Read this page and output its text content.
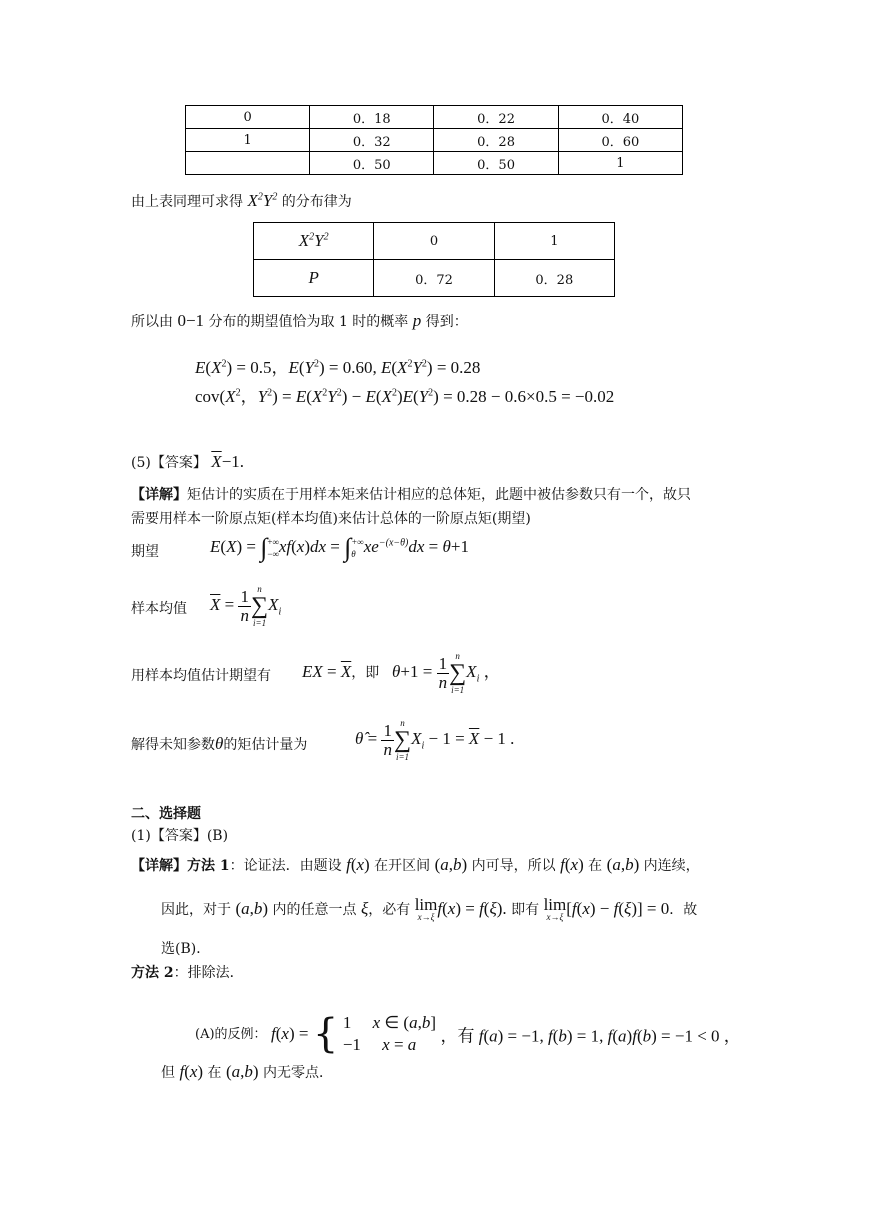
0	0．18	0．22	0．40
1	0．32	0．28	0．60
	0．50	0．50	1
由上表同理可求得 $X^2Y^2$ 的分布律为
$X^2Y^2$	0	1
P	0．72	0．28
所以由 0−1 分布的期望值恰为取 1 时的概率 p 得到：
$E(X^2) = 0.5$，$E(Y^2) = 0.60$, $E(X^2Y^2) = 0.28$
$cov(X^2$，$Y^2) = E(X^2Y^2) - E(X^2)E(Y^2) = 0.28 - 0.6\times 0.5 = -0.02$
(5)【答案】 $\overline{X}-1$.
【详解】矩估计的实质在于用样本矩来估计相应的总体矩，此题中被估参数只有一个，故只
需要用样本一阶原点矩(样本均值)来估计总体的一阶原点矩(期望)
期望	E(X) = ∫+∞
−∞xf(x)dx = ∫+∞
θ $xe^{-(x-\theta)}dx = \theta+1$
样本均值 $\overline{X} = \frac{1}{n}$ n
∑
i=1
$X_i$
用样本均值估计期望有 EX = $\overline{X}$，即 $\theta+1 = \frac{1}{n}$ n
∑
i=1
$X_i$ ，
解得未知参数θ的矩估计量为	θ̂ = $\frac{1}{n}$ n
∑
i=1
$X_i - 1 = \overline{X} - 1$ .
二、选择题
(1)【答案】(B)
【详解】方法 1：论证法．由题设 f(x) 在开区间 (a,b) 内可导，所以 f(x) 在 (a,b) 内连续，
因此，对于 (a,b) 内的任意一点 ξ，必有 lim
x→ξ f(x) = f(ξ). 即有 lim
x→ξ [f(x) − f(ξ)] = 0．故
选(B)．
方法 2：排除法．
(A)的反例： f(x) = { 1     x ∈ (a,b]
−1     x = a ，有 f(a) = −1, f(b) = 1, f(a)f(b) = −1 < 0 ，
但 f(x) 在 (a,b) 内无零点．
